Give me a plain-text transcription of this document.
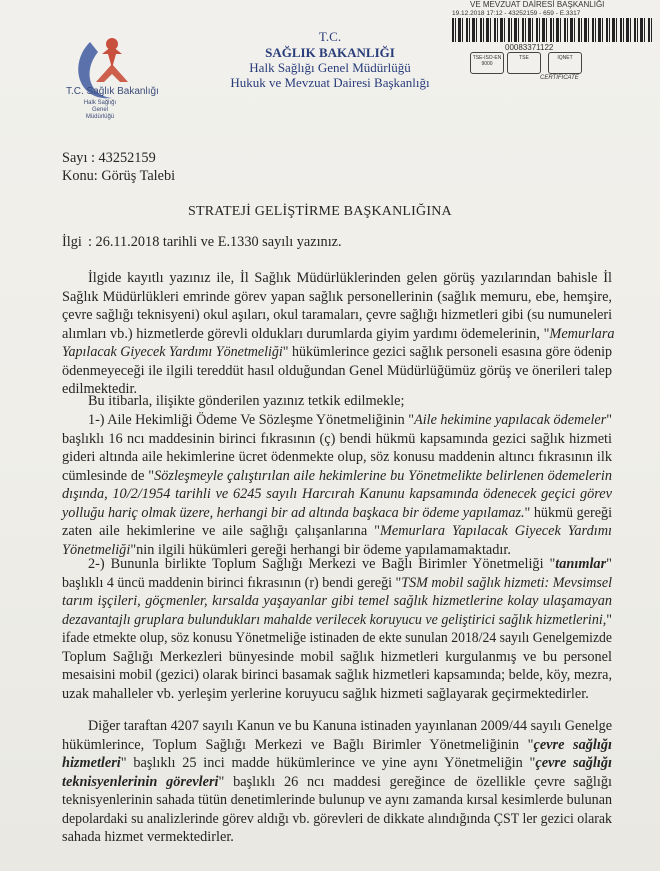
T.C. Sağlık Bakanlığı
Halk Sağlığı Genel Müdürlüğü
T.C.
SAĞLIK BAKANLIĞI
Halk Sağlığı Genel Müdürlüğü
Hukuk ve Mevzuat Dairesi Başkanlığı
VE MEVZUAT DAİRESİ BAŞKANLIĞI
19.12.2018 17:12 - 43252159 - 659 - E.3317
00083371122
TSE-ISO-EN 9000
TSE	IQNET
CERTIFICATE
Sayı : 43252159
Konu: Görüş Talebi
STRATEJİ GELİŞTİRME BAŞKANLIĞINA
İlgi : 26.11.2018 tarihli ve E.1330 sayılı yazınız.
İlgide kayıtlı yazınız ile, İl Sağlık Müdürlüklerinden gelen görüş yazılarından bahisle İl
Sağlık Müdürlükleri emrinde görev yapan sağlık personellerinin (sağlık memuru, ebe, hemşire,
çevre sağlığı teknisyeni) okul aşıları, okul taramaları, çevre sağlığı hizmetleri gibi (su numuneleri
alımları vb.) hizmetlerde görevli oldukları durumlarda giyim yardımı ödemelerinin, "Memurlara
Yapılacak Giyecek Yardımı Yönetmeliği" hükümlerince gezici sağlık personeli esasına göre ödenip
ödenmeyeceği ile ilgili tereddüt hasıl olduğundan Genel Müdürlüğümüz görüş ve önerileri talep
edilmektedir.
Bu itibarla, ilişikte gönderilen yazınız tetkik edilmekle;
1-) Aile Hekimliği Ödeme Ve Sözleşme Yönetmeliğinin "Aile hekimine yapılacak ödemeler"
başlıklı 16 ncı maddesinin birinci fıkrasının (ç) bendi hükmü kapsamında gezici sağlık hizmeti
gideri altında aile hekimlerine ücret ödenmekte olup, söz konusu maddenin altıncı fıkrasının ilk
cümlesinde de "Sözleşmeyle çalıştırılan aile hekimlerine bu Yönetmelikte belirlenen ödemelerin
dışında, 10/2/1954 tarihli ve 6245 sayılı Harcırah Kanunu kapsamında ödenecek geçici görev
yolluğu hariç olmak üzere, herhangi bir ad altında başkaca bir ödeme yapılamaz." hükmü gereği
zaten aile hekimlerine ve aile sağlığı çalışanlarına "Memurlara Yapılacak Giyecek Yardımı
Yönetmeliği"nin ilgili hükümleri gereği herhangi bir ödeme yapılamamaktadır.
2-) Bununla birlikte Toplum Sağlığı Merkezi ve Bağlı Birimler Yönetmeliği "tanımlar"
başlıklı 4 üncü maddenin birinci fıkrasının (r) bendi gereği "TSM mobil sağlık hizmeti: Mevsimsel
tarım işçileri, göçmenler, kırsalda yaşayanlar gibi temel sağlık hizmetlerine kolay ulaşamayan
dezavantajlı gruplara bulundukları mahalde verilecek koruyucu ve geliştirici sağlık hizmetlerini,"
ifade etmekte olup, söz konusu Yönetmeliğe istinaden de ekte sunulan 2018/24 sayılı Genelgemizde
Toplum Sağlığı Merkezleri bünyesinde mobil sağlık hizmetleri kurgulanmış ve bu personel
mesaisini mobil (gezici) olarak birinci basamak sağlık hizmetleri kapsamında; belde, köy, mezra,
uzak mahalleler vb. yerleşim yerlerine koruyucu sağlık hizmeti sağlayarak geçirmektedirler.
Diğer taraftan 4207 sayılı Kanun ve bu Kanuna istinaden yayınlanan 2009/44 sayılı Genelge
hükümlerince, Toplum Sağlığı Merkezi ve Bağlı Birimler Yönetmeliğinin "çevre sağlığı
hizmetleri" başlıklı 25 inci madde hükümlerince ve yine aynı Yönetmeliğin "çevre sağlığı
teknisyenlerinin görevleri" başlıklı 26 ncı maddesi gereğince de özellikle çevre sağlığı
teknisyenlerinin sahada tütün denetimlerinde bulunup ve aynı zamanda kırsal kesimlerde bulunan
depolardaki su analizlerinde görev aldığı vb. görevleri de dikkate alındığında ÇST ler gezici olarak
sahada hizmet vermektedirler.
